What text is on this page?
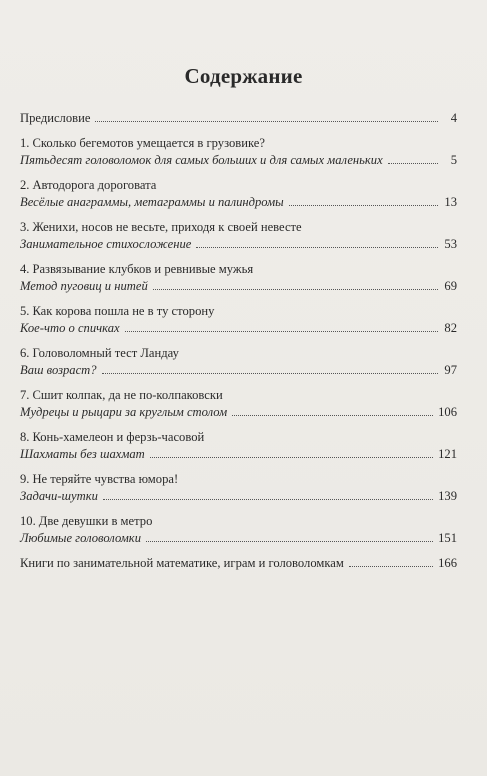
Содержание
Предисловие	4
1. Сколько бегемотов умещается в грузовике?
Пятьдесят головоломок для самых больших и для самых маленьких	5
2. Автодорога дороговата
Весёлые анаграммы, метаграммы и палиндромы	13
3. Женихи, носов не весьте, приходя к своей невесте
Занимательное стихосложение	53
4. Развязывание клубков и ревнивые мужья
Метод пуговиц и нитей	69
5. Как корова пошла не в ту сторону
Кое-что о спичках	82
6. Головоломный тест Ландау
Ваш возраст?	97
7. Сшит колпак, да не по-колпаковски
Мудрецы и рыцари за круглым столом	106
8. Конь-хамелеон и ферзь-часовой
Шахматы без шахмат	121
9. Не теряйте чувства юмора!
Задачи-шутки	139
10. Две девушки в метро
Любимые головоломки	151
Книги по занимательной математике, играм и головоломкам	166
